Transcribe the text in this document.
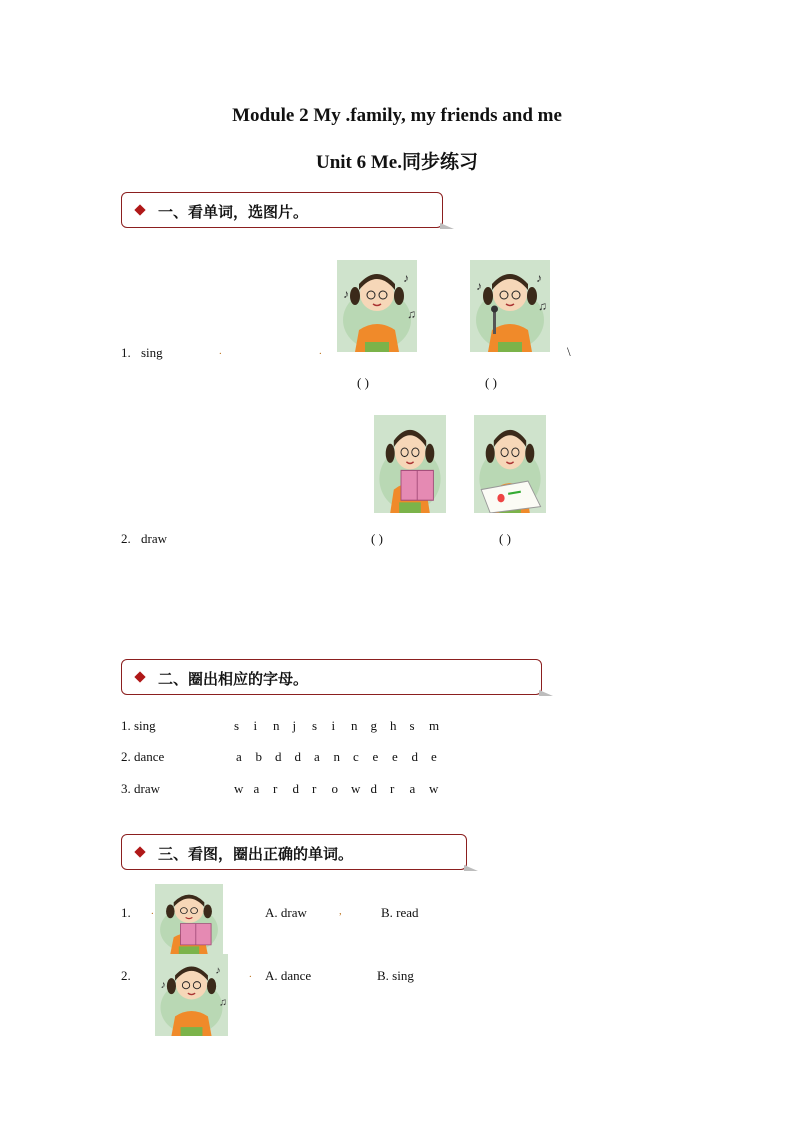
Module 2 My .family, my friends and me
Unit 6 Me.同步练习
一、看单词，选图片。
♪
♪
♫
♪
♪
♫
1. sing	.	.	\
( )	( )
2. draw	( )	( )
二、圈出相应的字母。
1. sing	s i n j s i n g h s m
2. dance	a b d d a n c e e d e
3. draw	w a r d r o w d r a w
三、看图，圈出正确的单词。
1. .	A. draw	,	B. read
2.
♪
♪
♫
. A. dance	B. sing
